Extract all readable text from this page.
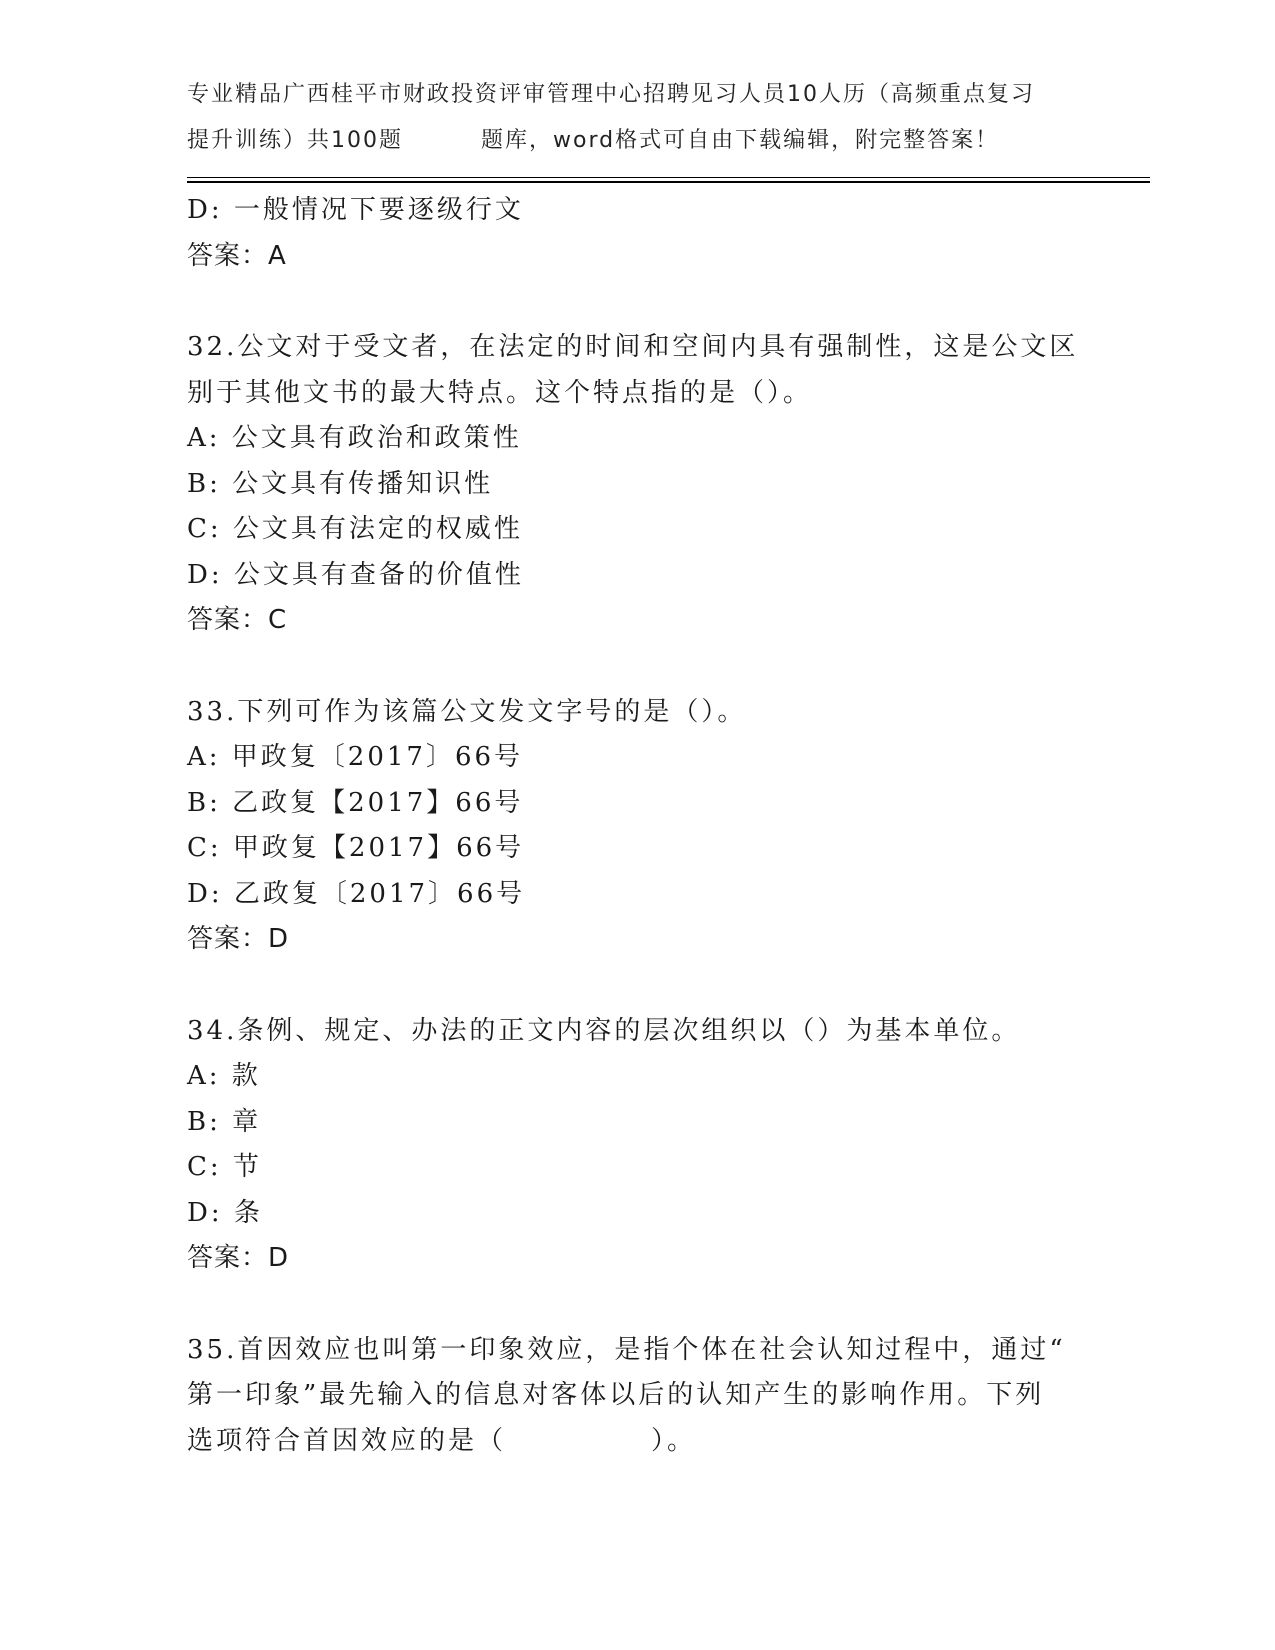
专业精品广西桂平市财政投资评审管理中心招聘见习人员10人历（高频重点复习
提升训练）共100题	题库，word格式可自由下载编辑，附完整答案！
D: 一般情况下要逐级行文
答案：A
32.公文对于受文者，在法定的时间和空间内具有强制性，这是公文区
别于其他文书的最大特点。这个特点指的是（）。
A: 公文具有政治和政策性
B: 公文具有传播知识性
C: 公文具有法定的权威性
D: 公文具有查备的价值性
答案：C
33.下列可作为该篇公文发文字号的是（）。
A: 甲政复〔2017〕66号
B: 乙政复【2017】66号
C: 甲政复【2017】66号
D: 乙政复〔2017〕66号
答案：D
34.条例、规定、办法的正文内容的层次组织以（）为基本单位。
A: 款
B: 章
C: 节
D: 条
答案：D
35.首因效应也叫第一印象效应，是指个体在社会认知过程中，通过“
第一印象”最先输入的信息对客体以后的认知产生的影响作用。下列
选项符合首因效应的是（　　　　　）。
